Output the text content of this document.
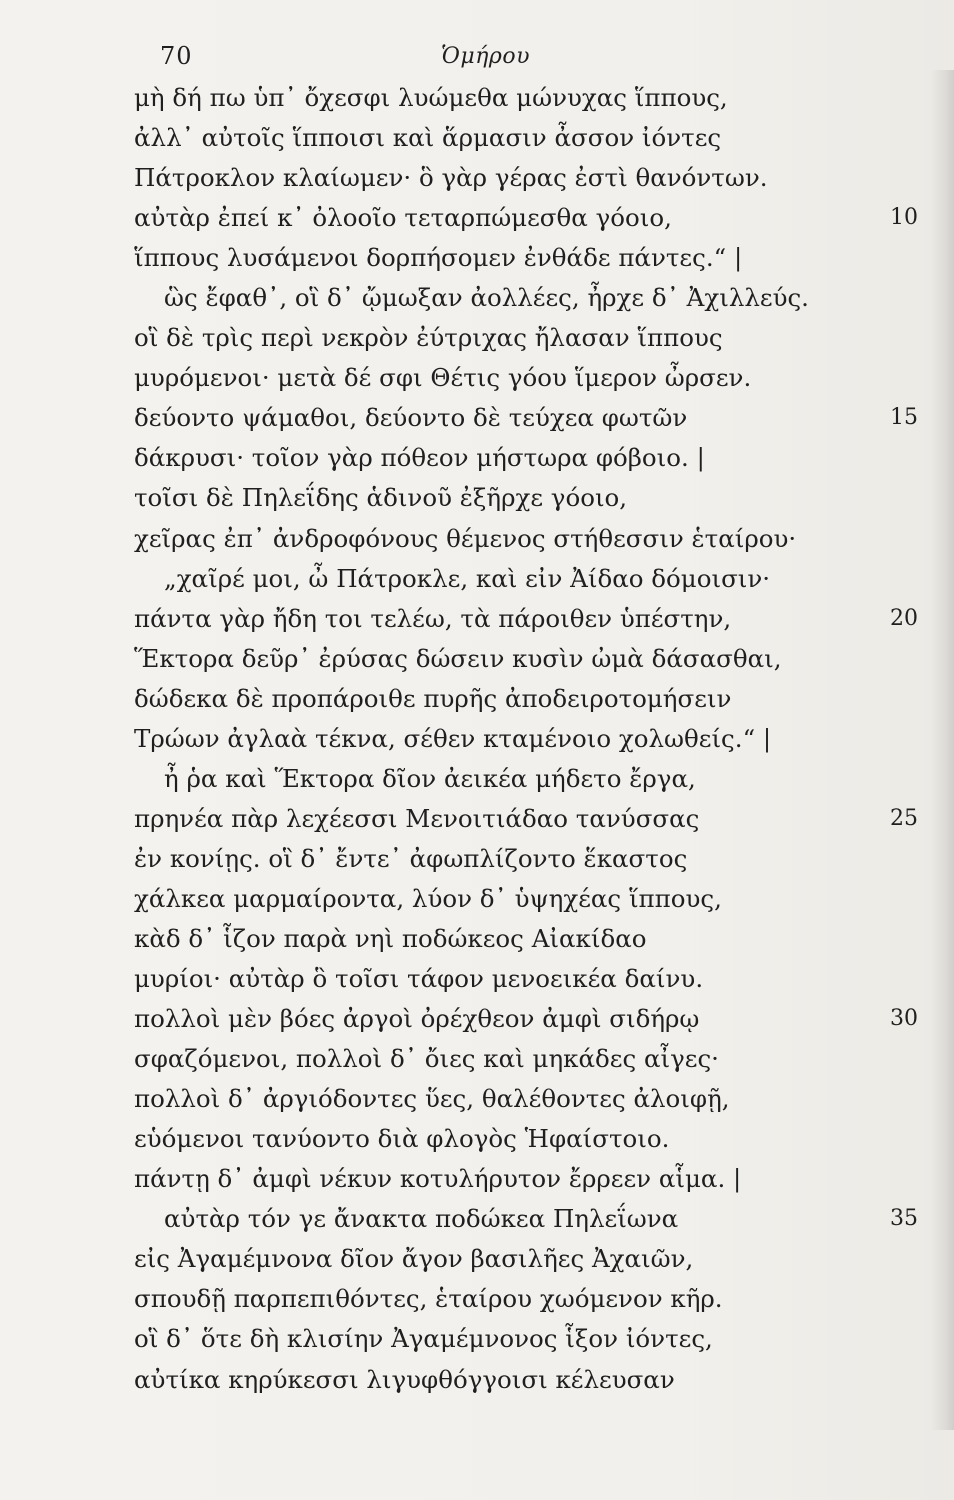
70	Ὁμήρου
μὴ δή πω ὑπ᾽ ὄχεσφι λυώμεθα μώνυχας ἵππους,
ἀλλ᾽ αὐτοῖς ἵπποισι καὶ ἅρμασιν ἆσσον ἰόντες
Πάτροκλον κλαίωμεν· ὃ γὰρ γέρας ἐστὶ θανόντων.
αὐτὰρ ἐπεί κ᾽ ὀλοοῖο τεταρπώμεσθα γόοιο,	10
ἵππους λυσάμενοι δορπήσομεν ἐνθάδε πάντες.“ |
ὣς ἔφαθ᾽, οἳ δ᾽ ᾤμωξαν ἀολλέες, ἦρχε δ᾽ Ἀχιλλεύς.
οἳ δὲ τρὶς περὶ νεκρὸν ἐύτριχας ἤλασαν ἵππους
μυρόμενοι· μετὰ δέ σφι Θέτις γόου ἵμερον ὦρσεν.
δεύοντο ψάμαθοι, δεύοντο δὲ τεύχεα φωτῶν	15
δάκρυσι· τοῖον γὰρ πόθεον μήστωρα φόβοιο. |
τοῖσι δὲ Πηλεΐδης ἁδινοῦ ἐξῆρχε γόοιο,
χεῖρας ἐπ᾽ ἀνδροφόνους θέμενος στήθεσσιν ἑταίρου·
„χαῖρέ μοι, ὦ Πάτροκλε, καὶ εἰν Ἀίδαο δόμοισιν·
πάντα γὰρ ἤδη τοι τελέω, τὰ πάροιθεν ὑπέστην,	20
Ἕκτορα δεῦρ᾽ ἐρύσας δώσειν κυσὶν ὠμὰ δάσασθαι,
δώδεκα δὲ προπάροιθε πυρῆς ἀποδειροτομήσειν
Τρώων ἀγλαὰ τέκνα, σέθεν κταμένοιο χολωθείς.“ |
ἦ ῥα καὶ Ἕκτορα δῖον ἀεικέα μήδετο ἔργα,
πρηνέα πὰρ λεχέεσσι Μενοιτιάδαο τανύσσας	25
ἐν κονίῃς. οἳ δ᾽ ἔντε᾽ ἀφωπλίζοντο ἕκαστος
χάλκεα μαρμαίροντα, λύον δ᾽ ὑψηχέας ἵππους,
κὰδ δ᾽ ἷζον παρὰ νηὶ ποδώκεος Αἰακίδαο
μυρίοι· αὐτὰρ ὃ τοῖσι τάφον μενοεικέα δαίνυ.
πολλοὶ μὲν βόες ἀργοὶ ὀρέχθεον ἀμφὶ σιδήρῳ	30
σφαζόμενοι, πολλοὶ δ᾽ ὄιες καὶ μηκάδες αἶγες·
πολλοὶ δ᾽ ἀργιόδοντες ὕες, θαλέθοντες ἀλοιφῇ,
εὑόμενοι τανύοντο διὰ φλογὸς Ἡφαίστοιο.
πάντῃ δ᾽ ἀμφὶ νέκυν κοτυλήρυτον ἔρρεεν αἷμα. |
αὐτὰρ τόν γε ἄνακτα ποδώκεα Πηλεΐωνα	35
εἰς Ἀγαμέμνονα δῖον ἄγον βασιλῆες Ἀχαιῶν,
σπουδῇ παρπεπιθόντες, ἑταίρου χωόμενον κῆρ.
οἳ δ᾽ ὅτε δὴ κλισίην Ἀγαμέμνονος ἷξον ἰόντες,
αὐτίκα κηρύκεσσι λιγυφθόγγοισι κέλευσαν
